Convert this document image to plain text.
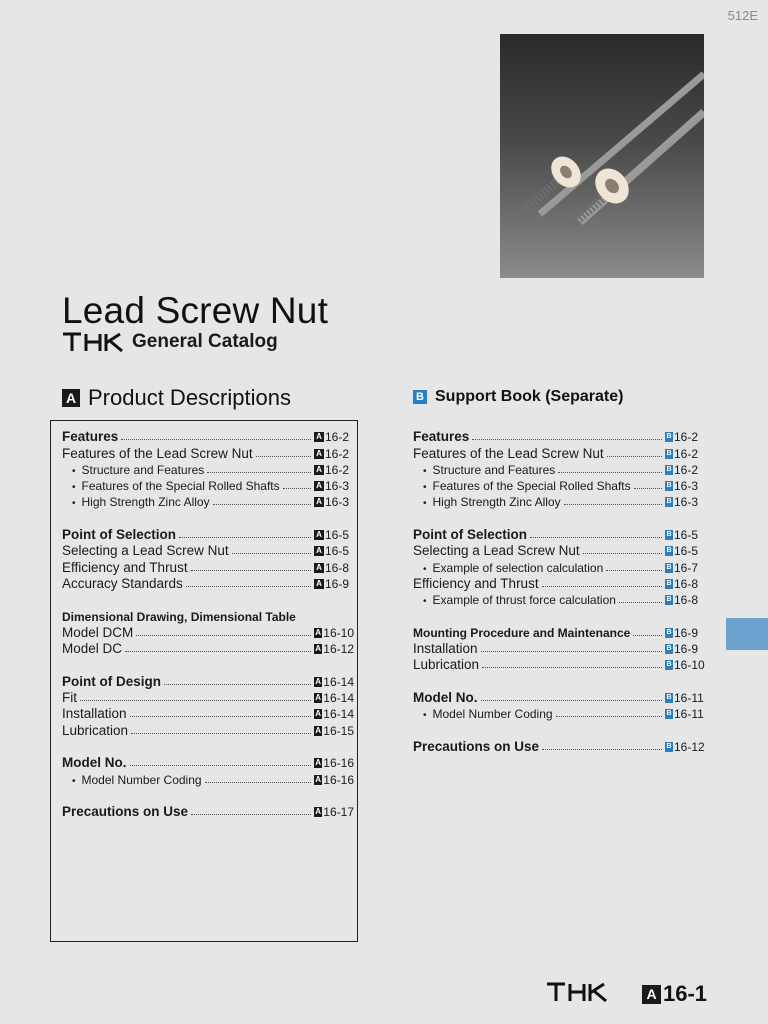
512E
Lead Screw Nut
General Catalog
A Product Descriptions	B Support Book (Separate)
Features	A 16-2
Features of the Lead Screw Nut	A 16-2
• Structure and Features	A 16-2
• Features of the Special Rolled Shafts	A 16-3
• High Strength Zinc Alloy	A 16-3
Point of Selection	A 16-5
Selecting a Lead Screw Nut	A 16-5
Efficiency and Thrust	A 16-8
Accuracy Standards	A 16-9
Dimensional Drawing, Dimensional Table
Model DCM	A 16-10
Model DC	A 16-12
Point of Design	A 16-14
Fit	A 16-14
Installation	A 16-14
Lubrication	A 16-15
Model No.	A 16-16
• Model Number Coding	A 16-16
Precautions on Use	A 16-17
Features	B 16-2
Features of the Lead Screw Nut	B 16-2
• Structure and Features	B 16-2
• Features of the Special Rolled Shafts	B 16-3
• High Strength Zinc Alloy	B 16-3
Point of Selection	B 16-5
Selecting a Lead Screw Nut	B 16-5
• Example of selection calculation	B 16-7
Efficiency and Thrust	B 16-8
• Example of thrust force calculation	B 16-8
Mounting Procedure and Maintenance	B 16-9
Installation	B 16-9
Lubrication	B 16-10
Model No.	B 16-11
• Model Number Coding	B 16-11
Precautions on Use	B 16-12
A 16-1
